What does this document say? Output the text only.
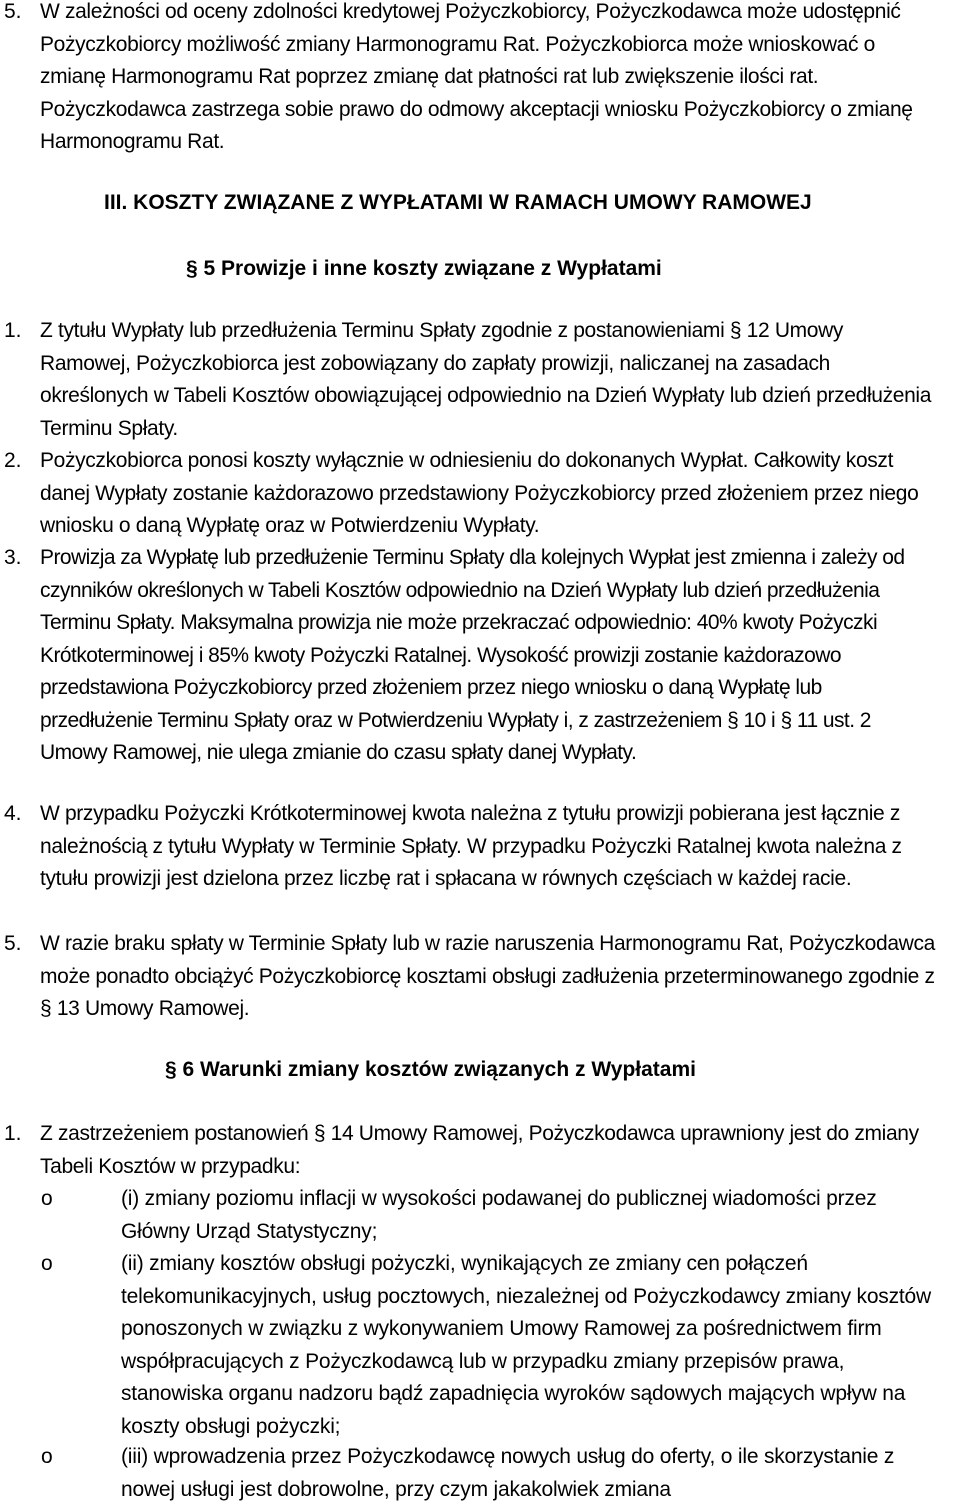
5. W zależności od oceny zdolności kredytowej Pożyczkobiorcy, Pożyczkodawca może udostępnić Pożyczkobiorcy możliwość zmiany Harmonogramu Rat. Pożyczkobiorca może wnioskować o zmianę Harmonogramu Rat poprzez zmianę dat płatności rat lub zwiększenie ilości rat. Pożyczkodawca zastrzega sobie prawo do odmowy akceptacji wniosku Pożyczkobiorcy o zmianę Harmonogramu Rat.
III. KOSZTY ZWIĄZANE Z WYPŁATAMI W RAMACH UMOWY RAMOWEJ
§ 5 Prowizje i inne koszty związane z Wypłatami
1. Z tytułu Wypłaty lub przedłużenia Terminu Spłaty zgodnie z postanowieniami § 12 Umowy Ramowej, Pożyczkobiorca jest zobowiązany do zapłaty prowizji, naliczanej na zasadach określonych w Tabeli Kosztów obowiązującej odpowiednio na Dzień Wypłaty lub dzień przedłużenia Terminu Spłaty.
2. Pożyczkobiorca ponosi koszty wyłącznie w odniesieniu do dokonanych Wypłat. Całkowity koszt danej Wypłaty zostanie każdorazowo przedstawiony Pożyczkobiorcy przed złożeniem przez niego wniosku o daną Wypłatę oraz w Potwierdzeniu Wypłaty.
3. Prowizja za Wypłatę lub przedłużenie Terminu Spłaty dla kolejnych Wypłat jest zmienna i zależy od czynników określonych w Tabeli Kosztów odpowiednio na Dzień Wypłaty lub dzień przedłużenia Terminu Spłaty. Maksymalna prowizja nie może przekraczać odpowiednio: 40% kwoty Pożyczki Krótkoterminowej i 85% kwoty Pożyczki Ratalnej. Wysokość prowizji zostanie każdorazowo przedstawiona Pożyczkobiorcy przed złożeniem przez niego wniosku o daną Wypłatę lub przedłużenie Terminu Spłaty oraz w Potwierdzeniu Wypłaty i, z zastrzeżeniem § 10 i § 11 ust. 2 Umowy Ramowej, nie ulega zmianie do czasu spłaty danej Wypłaty.
4. W przypadku Pożyczki Krótkoterminowej kwota należna z tytułu prowizji pobierana jest łącznie z należnością z tytułu Wypłaty w Terminie Spłaty. W przypadku Pożyczki Ratalnej kwota należna z tytułu prowizji jest dzielona przez liczbę rat i spłacana w równych częściach w każdej racie.
5. W razie braku spłaty w Terminie Spłaty lub w razie naruszenia Harmonogramu Rat, Pożyczkodawca może ponadto obciążyć Pożyczkobiorcę kosztami obsługi zadłużenia przeterminowanego zgodnie z § 13 Umowy Ramowej.
§ 6 Warunki zmiany kosztów związanych z Wypłatami
1. Z zastrzeżeniem postanowień § 14 Umowy Ramowej, Pożyczkodawca uprawniony jest do zmiany Tabeli Kosztów w przypadku:
o	(i) zmiany poziomu inflacji w wysokości podawanej do publicznej wiadomości przez Główny Urząd Statystyczny;
o	(ii) zmiany kosztów obsługi pożyczki, wynikających ze zmiany cen połączeń telekomunikacyjnych, usług pocztowych, niezależnej od Pożyczkodawcy zmiany kosztów ponoszonych w związku z wykonywaniem Umowy Ramowej za pośrednictwem firm współpracujących z Pożyczkodawcą lub w przypadku zmiany przepisów prawa, stanowiska organu nadzoru bądź zapadnięcia wyroków sądowych mających wpływ na koszty obsługi pożyczki;
o	(iii) wprowadzenia przez Pożyczkodawcę nowych usług do oferty, o ile skorzystanie z nowej usługi jest dobrowolne, przy czym jakakolwiek zmiana
